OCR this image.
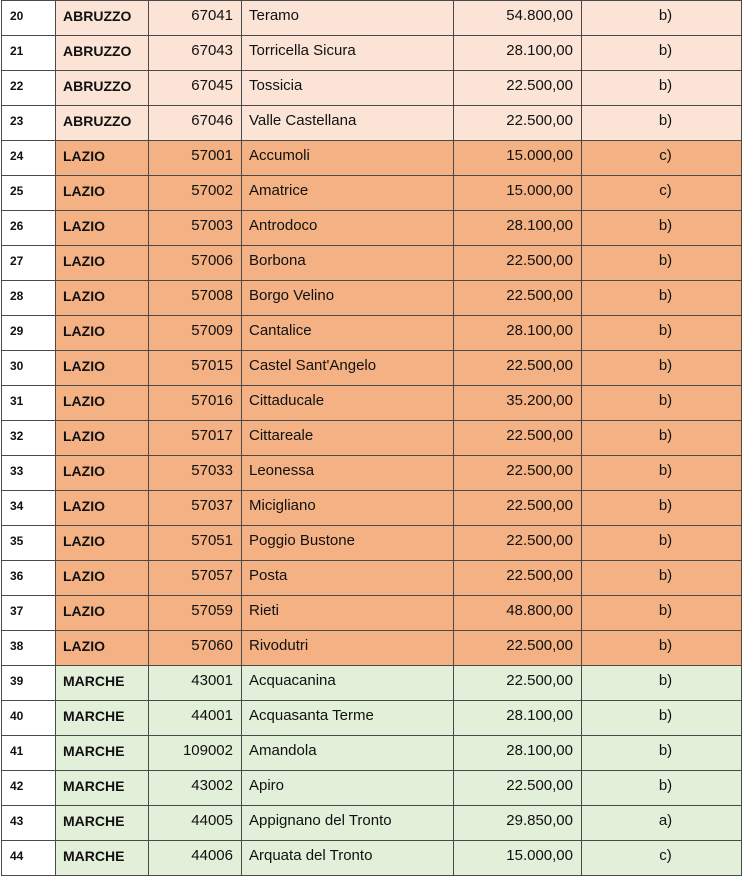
20	ABRUZZO	67041	Teramo	54.800,00	b)

21	ABRUZZO	67043	Torricella Sicura	28.100,00	b)

22	ABRUZZO	67045	Tossicia	22.500,00	b)

23	ABRUZZO	67046	Valle Castellana	22.500,00	b)

24	LAZIO	57001	Accumoli	15.000,00	c)

25	LAZIO	57002	Amatrice	15.000,00	c)

26	LAZIO	57003	Antrodoco	28.100,00	b)

27	LAZIO	57006	Borbona	22.500,00	b)

28	LAZIO	57008	Borgo Velino	22.500,00	b)

29	LAZIO	57009	Cantalice	28.100,00	b)

30	LAZIO	57015	Castel Sant'Angelo	22.500,00	b)

31	LAZIO	57016	Cittaducale	35.200,00	b)

32	LAZIO	57017	Cittareale	22.500,00	b)

33	LAZIO	57033	Leonessa	22.500,00	b)

34	LAZIO	57037	Micigliano	22.500,00	b)

35	LAZIO	57051	Poggio Bustone	22.500,00	b)

36	LAZIO	57057	Posta	22.500,00	b)

37	LAZIO	57059	Rieti	48.800,00	b)

38	LAZIO	57060	Rivodutri	22.500,00	b)

39	MARCHE	43001	Acquacanina	22.500,00	b)

40	MARCHE	44001	Acquasanta Terme	28.100,00	b)

41	MARCHE	109002	Amandola	28.100,00	b)

42	MARCHE	43002	Apiro	22.500,00	b)

43	MARCHE	44005	Appignano del Tronto	29.850,00	a)

44	MARCHE	44006	Arquata del Tronto	15.000,00	c)
